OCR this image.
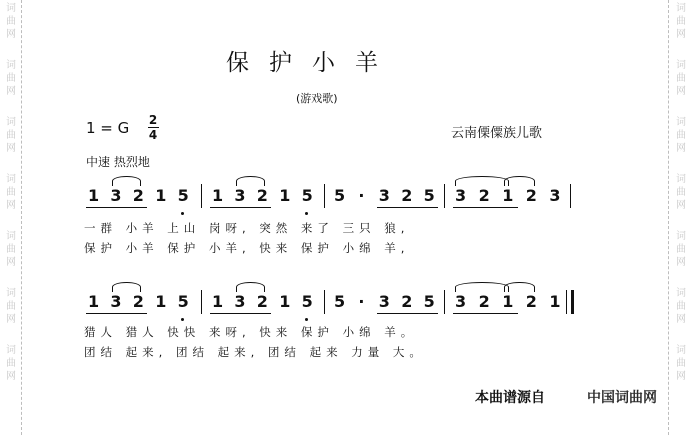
词
曲
网
词
曲
网
词
曲
网
词
曲
网
词
曲
网
词
曲
网
词
曲
网
词
曲
网
词
曲
网
词
曲
网
词
曲
网
词
曲
网
词
曲
网
词
曲
网
保护小羊
(游戏歌)
1 = G 2
4	云南傈僳族儿歌
中速 热烈地
1 3 2 1 5 1 3 2 1 5 5 · 3 2 5 3 2 1 2 3
一群 小羊 上山 岗呀, 突然 来了 三只 狼,
保护 小羊 保护 小羊, 快来 保护 小绵 羊,
1 3 2 1 5 1 3 2 1 5 5 · 3 2 5 3 2 1 2 1
猎人 猎人 快快 来呀, 快来 保护 小绵 羊。
团结 起来, 团结 起来, 团结 起来 力量 大。
本曲谱源自	中国词曲网
